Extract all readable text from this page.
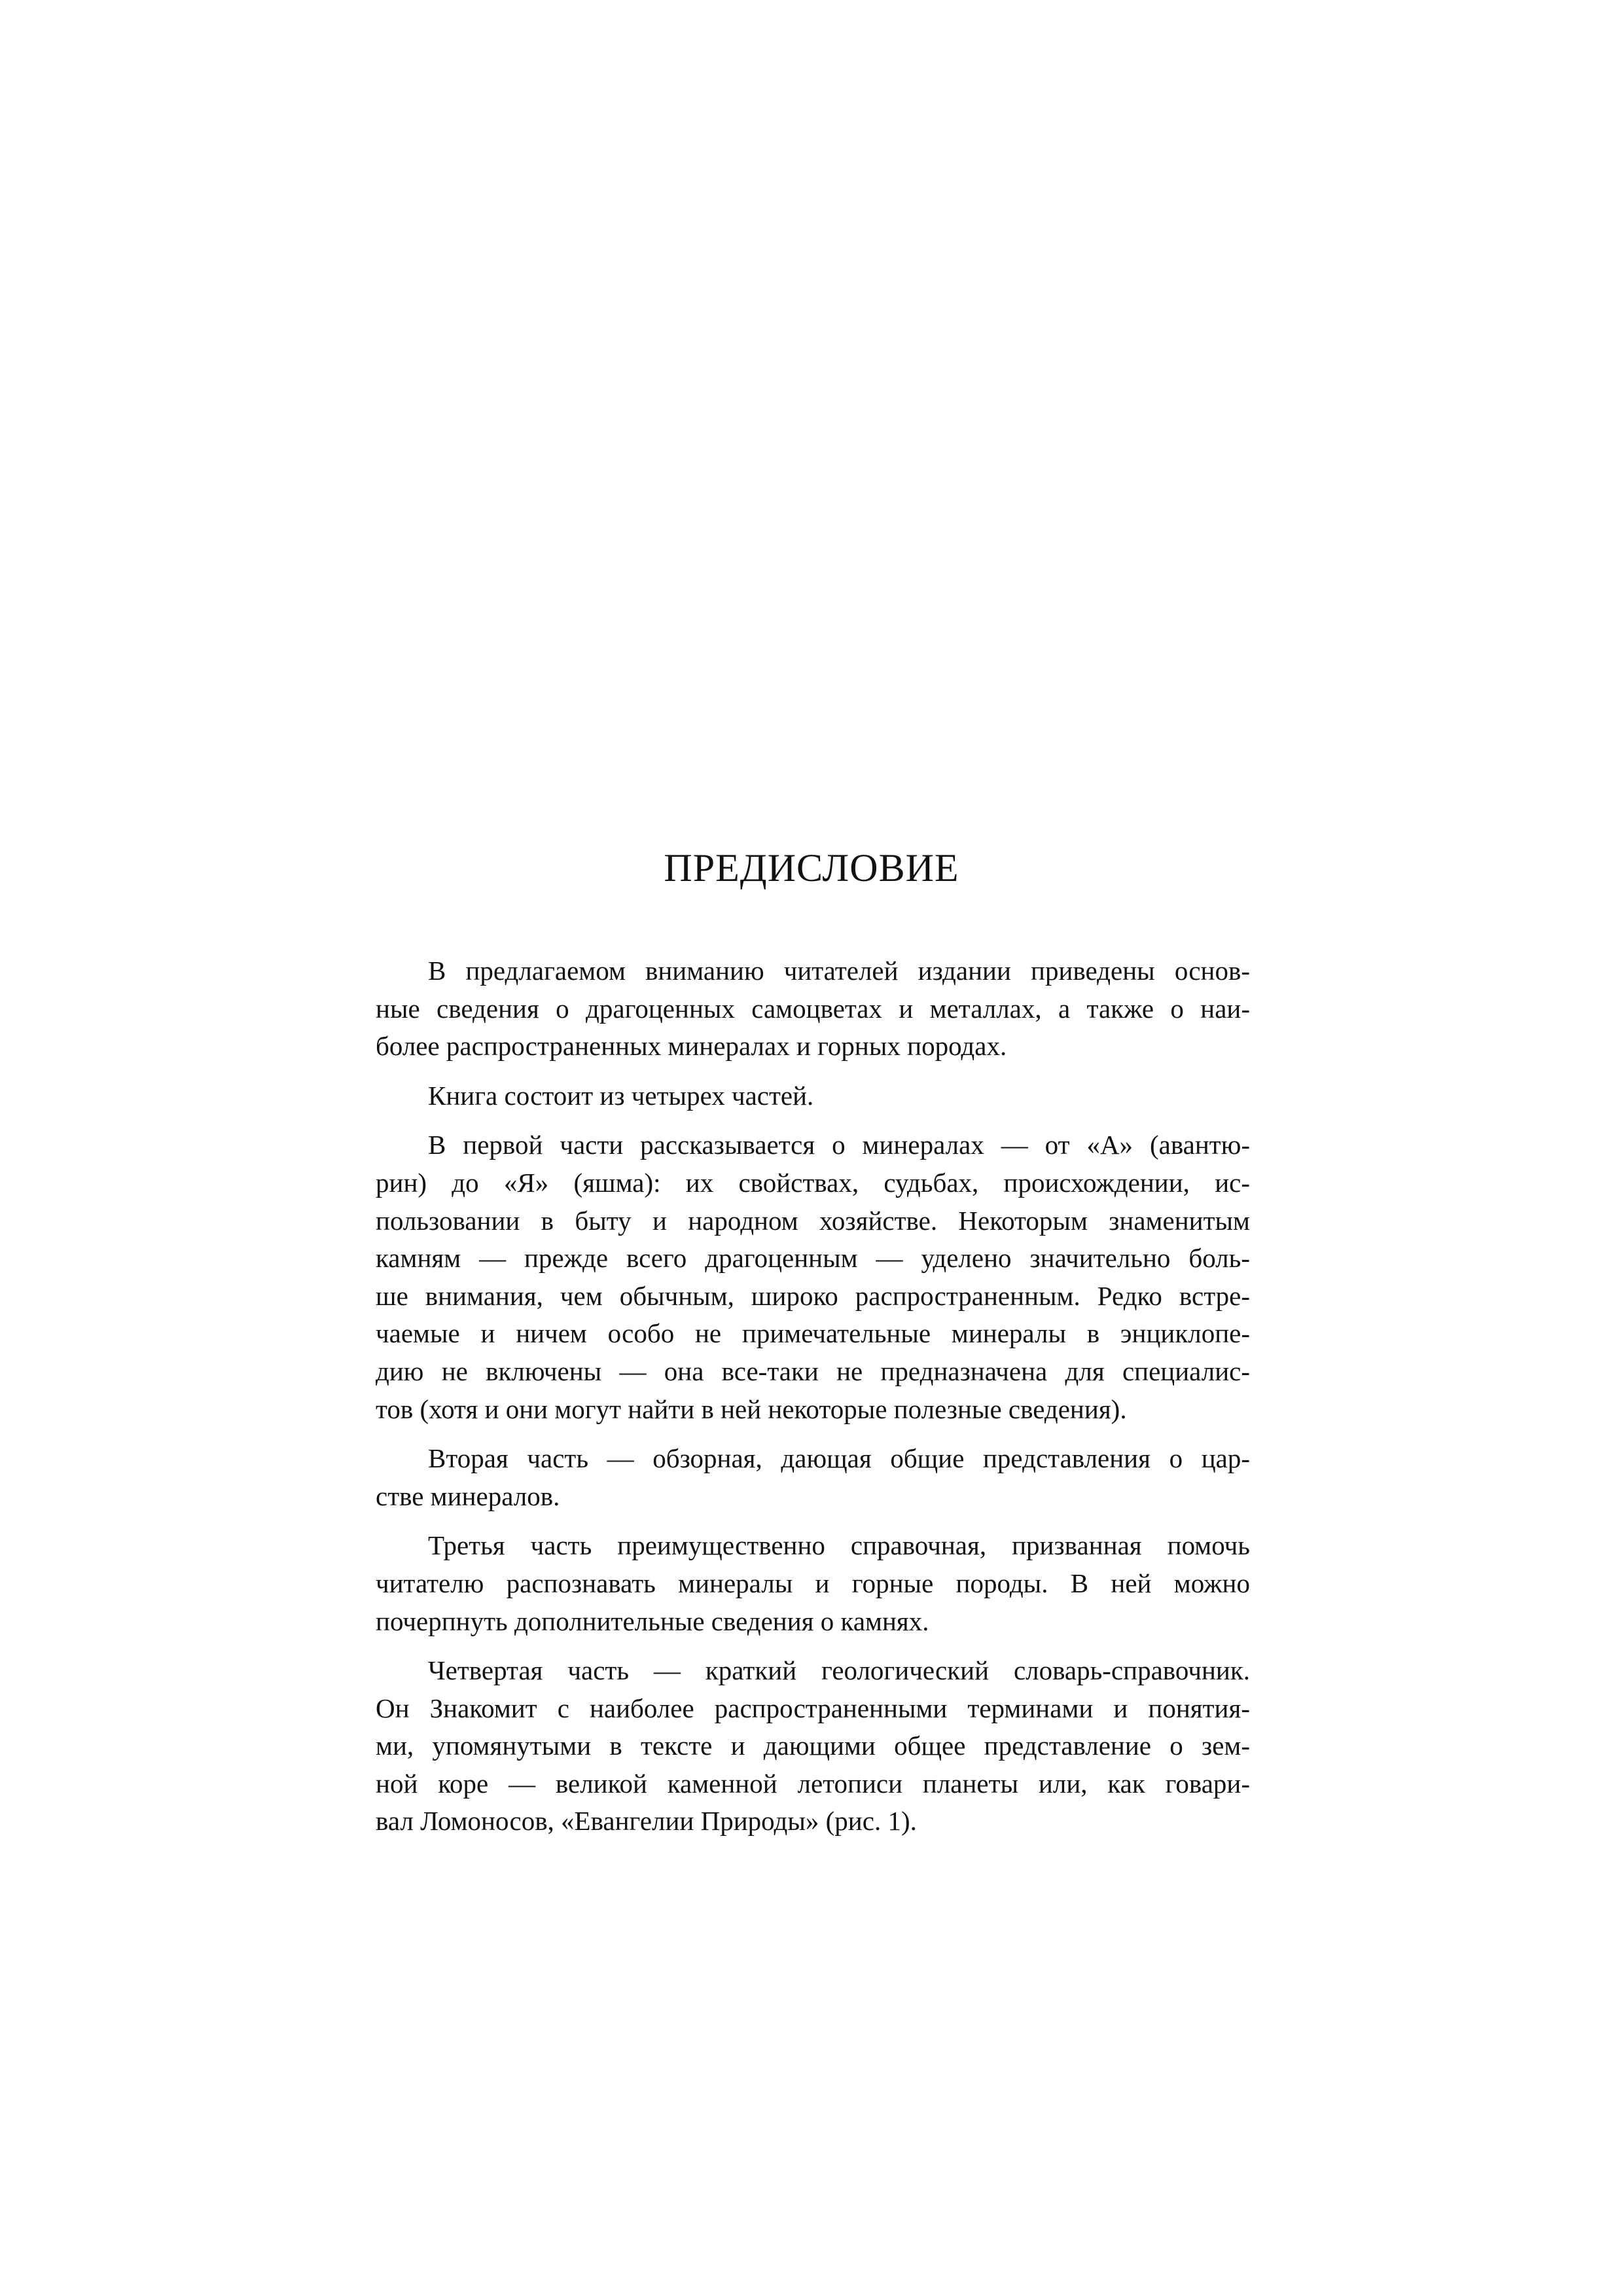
ПРЕДИСЛОВИЕ
В предлагаемом вниманию читателей издании приведены основ-
ные сведения о драгоценных самоцветах и металлах, а также о наи-
более распространенных минералах и горных породах.
Книга состоит из четырех частей.
В первой части рассказывается о минералах — от «А» (авантю-
рин) до «Я» (яшма): их свойствах, судьбах, происхождении, ис-
пользовании в быту и народном хозяйстве. Некоторым знаменитым
камням — прежде всего драгоценным — уделено значительно боль-
ше внимания, чем обычным, широко распространенным. Редко встре-
чаемые и ничем особо не примечательные минералы в энциклопе-
дию не включены — она все-таки не предназначена для специалис-
тов (хотя и они могут найти в ней некоторые полезные сведения).
Вторая часть — обзорная, дающая общие представления о цар-
стве минералов.
Третья часть преимущественно справочная, призванная помочь
читателю распознавать минералы и горные породы. В ней можно
почерпнуть дополнительные сведения о камнях.
Четвертая часть — краткий геологический словарь-справочник.
Он Знакомит с наиболее распространенными терминами и понятия-
ми, упомянутыми в тексте и дающими общее представление о зем-
ной коре — великой каменной летописи планеты или, как говари-
вал Ломоносов, «Евангелии Природы» (рис. 1).
